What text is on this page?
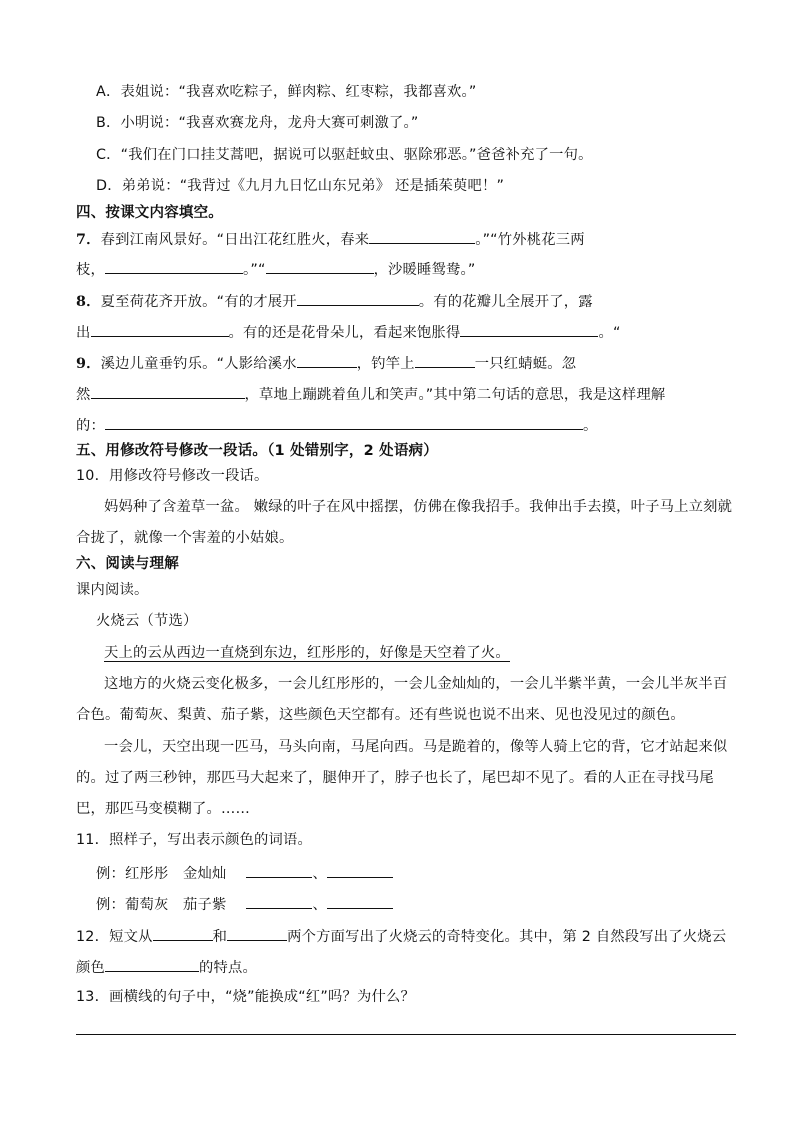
A．表姐说：“我喜欢吃粽子，鲜肉粽、红枣粽，我都喜欢。”
B．小明说：“我喜欢赛龙舟，龙舟大赛可刺激了。”
C．“我们在门口挂艾蒿吧，据说可以驱赶蚊虫、驱除邪恶。”爸爸补充了一句。
D．弟弟说：“我背过《九月九日忆山东兄弟》 还是插茱萸吧！”
四、按课文内容填空。
7．春到江南风景好。“日出江花红胜火，春来	。”“竹外桃花三两
枝，	。”“	，沙暖睡鸳鸯。”
8．夏至荷花齐开放。“有的才展开	。有的花瓣儿全展开了，露
出	。有的还是花骨朵儿，看起来饱胀得	。“
9．溪边儿童垂钓乐。“人影给溪水	，钓竿上	一只红蜻蜓。忽
然	，草地上蹦跳着鱼儿和笑声。”其中第二句话的意思，我是这样理解
的：	。
五、用修改符号修改一段话。（1 处错别字，2 处语病）
10．用修改符号修改一段话。
妈妈种了含羞草一盆。 嫩绿的叶子在风中摇摆，仿佛在像我招手。我伸出手去摸，叶子马上立刻就
合拢了，就像一个害羞的小姑娘。
六、阅读与理解
课内阅读。
火烧云（节选）
天上的云从西边一直烧到东边，红彤彤的，好像是天空着了火。
这地方的火烧云变化极多，一会儿红彤彤的，一会儿金灿灿的，一会儿半紫半黄，一会儿半灰半百
合色。葡萄灰、梨黄、茄子紫，这些颜色天空都有。还有些说也说不出来、见也没见过的颜色。
一会儿，天空出现一匹马，马头向南，马尾向西。马是跪着的，像等人骑上它的背，它才站起来似
的。过了两三秒钟，那匹马大起来了，腿伸开了，脖子也长了，尾巴却不见了。看的人正在寻找马尾
巴，那匹马变模糊了。……
11．照样子，写出表示颜色的词语。
例：红彤彤　金灿灿	、
例：葡萄灰　茄子紫	、
12．短文从	和	两个方面写出了火烧云的奇特变化。其中，第 2 自然段写出了火烧云
颜色	的特点。
13．画横线的句子中，“烧”能换成“红”吗？为什么？
